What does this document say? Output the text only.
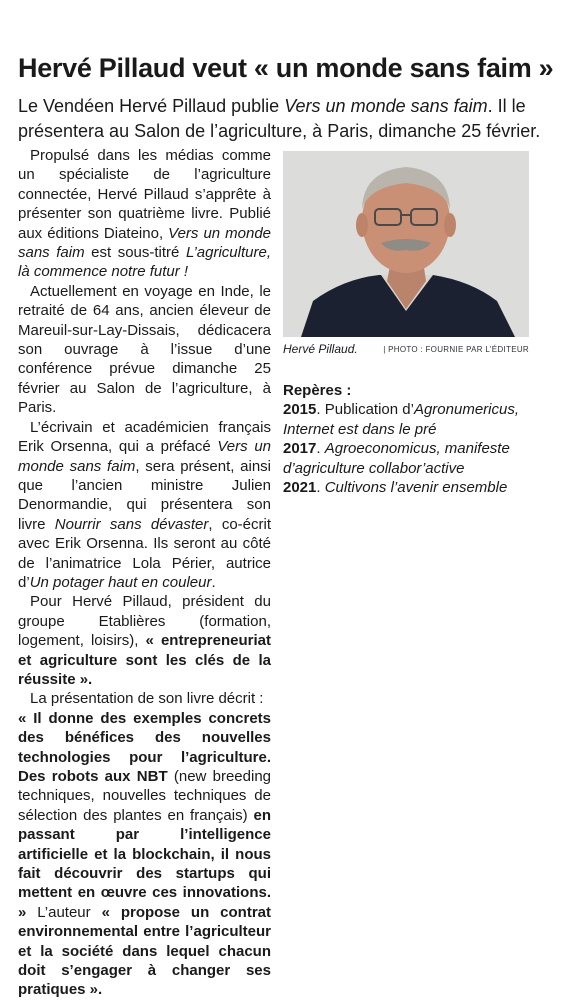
Hervé Pillaud veut « un monde sans faim »
Le Vendéen Hervé Pillaud publie Vers un monde sans faim. Il le présentera au Salon de l’agriculture, à Paris, dimanche 25 février.

Propulsé dans les médias comme un spécialiste de l’agriculture connectée, Hervé Pillaud s’apprête à présenter son quatrième livre. Publié aux éditions Diateino, Vers un monde sans faim est sous-titré L’agriculture, là commence notre futur !

Actuellement en voyage en Inde, le retraité de 64 ans, ancien éleveur de Mareuil-sur-Lay-Dissais, dédicacera son ouvrage à l’issue d’une conférence prévue dimanche 25 février au Salon de l’agriculture, à Paris.

L’écrivain et académicien français Erik Orsenna, qui a préfacé Vers un monde sans faim, sera présent, ainsi que l’ancien ministre Julien Denormandie, qui présentera son livre Nourrir sans dévaster, co-écrit avec Erik Orsenna. Ils seront au côté de l’animatrice Lola Périer, autrice d’Un potager haut en couleur.

Pour Hervé Pillaud, président du groupe Etablières (formation, logement, loisirs), « entrepreneuriat et agriculture sont les clés de la réussite ».

La présentation de son livre décrit :

« Il donne des exemples concrets des bénéfices des nouvelles technologies pour l’agriculture. Des robots aux NBT (new breeding techniques, nouvelles techniques de sélection des plantes en français) en passant par l’intelligence artificielle et la blockchain, il nous fait découvrir des startups qui mettent en œuvre ces innovations. » L’auteur « propose un contrat environnemental entre l’agriculteur et la société dans lequel chacun doit s’engager à changer ses pratiques ».

Hervé Pillaud.	| PHOTO : FOURNIE PAR L’ÉDITEUR

Repères :

2015. Publication d’Agronumericus, Internet est dans le pré

2017. Agroeconomicus, manifeste d’agriculture collabor’active

2021. Cultivons l’avenir ensemble
